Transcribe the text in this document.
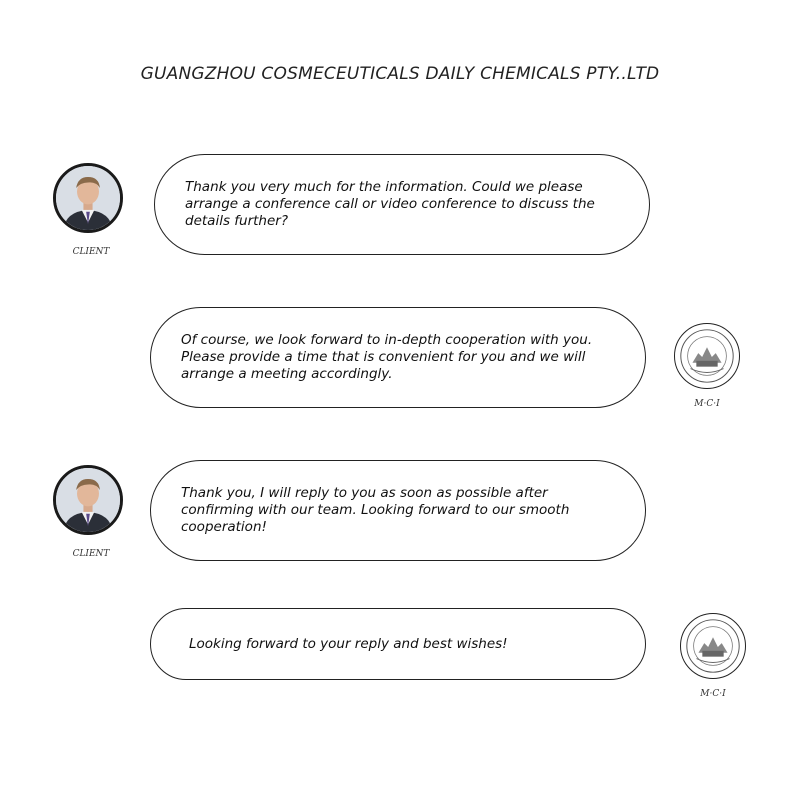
GUANGZHOU COSMECEUTICALS DAILY CHEMICALS PTY..LTD
CLIENT
Thank you very much for the information. Could we please arrange a conference call or video conference to discuss the details further?
Of course, we look forward to in-depth cooperation with you. Please provide a time that is convenient for you and we will arrange a meeting accordingly.
M·C·I
CLIENT
Thank you, I will reply to you as soon as possible after confirming with our team. Looking forward to our smooth cooperation!
Looking forward to your reply and best wishes!
M·C·I
